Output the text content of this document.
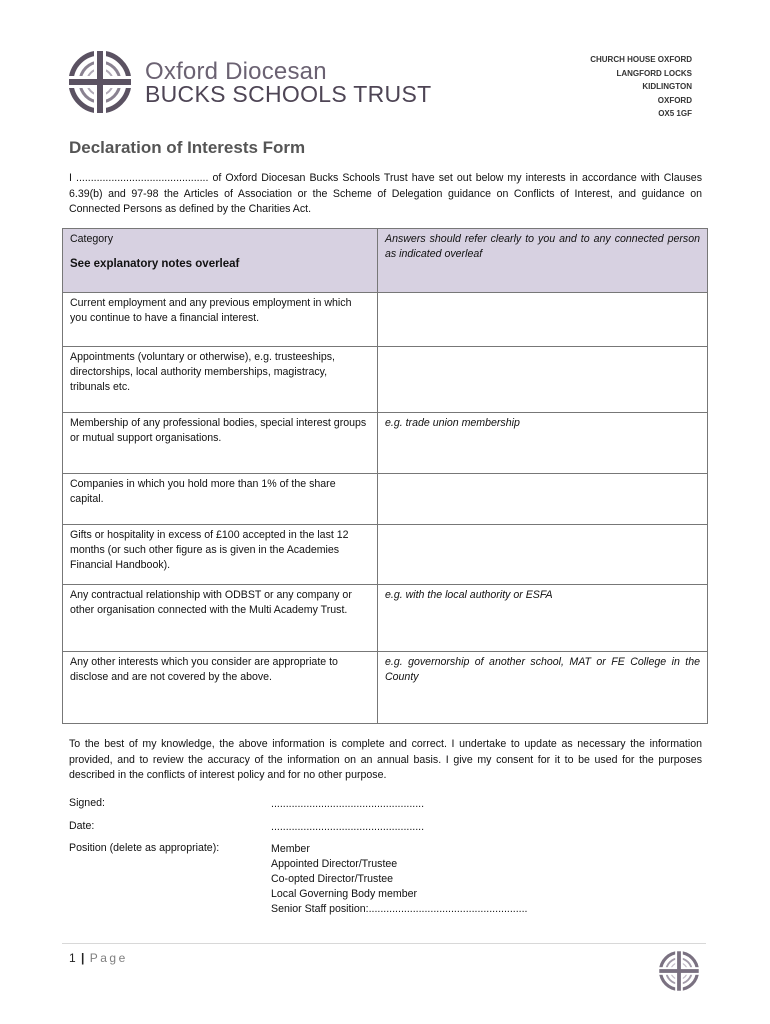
Oxford Diocesan
BUCKS SCHOOLS TRUST
CHURCH HOUSE OXFORD
LANGFORD LOCKS
KIDLINGTON
OXFORD
OX5 1GF
Declaration of Interests Form
I ............................................. of Oxford Diocesan Bucks Schools Trust have set out below my interests in accordance with Clauses 6.39(b) and 97-98 the Articles of Association or the Scheme of Delegation guidance on Conflicts of Interest, and guidance on Connected Persons as defined by the Charities Act.
Category
See explanatory notes overleaf	Answers should refer clearly to you and to any connected person as indicated overleaf
Current employment and any previous employment in which you continue to have a financial interest.	
Appointments (voluntary or otherwise), e.g. trusteeships, directorships, local authority memberships, magistracy, tribunals etc.	
Membership of any professional bodies, special interest groups or mutual support organisations.	e.g. trade union membership
Companies in which you hold more than 1% of the share capital.	
Gifts or hospitality in excess of £100 accepted in the last 12 months (or such other figure as is given in the Academies Financial Handbook).	
Any contractual relationship with ODBST or any company or other organisation connected with the Multi Academy Trust.	e.g. with the local authority or ESFA
Any other interests which you consider are appropriate to disclose and are not covered by the above.	e.g. governorship of another school, MAT or FE College in the County
To the best of my knowledge, the above information is complete and correct. I undertake to update as necessary the information provided, and to review the accuracy of the information on an annual basis. I give my consent for it to be used for the purposes described in the conflicts of interest policy and for no other purpose.
Signed:	....................................................
Date:	....................................................
Position (delete as appropriate):	Member
Appointed Director/Trustee
Co-opted Director/Trustee
Local Governing Body member
Senior Staff position:......................................................
1 | Page
